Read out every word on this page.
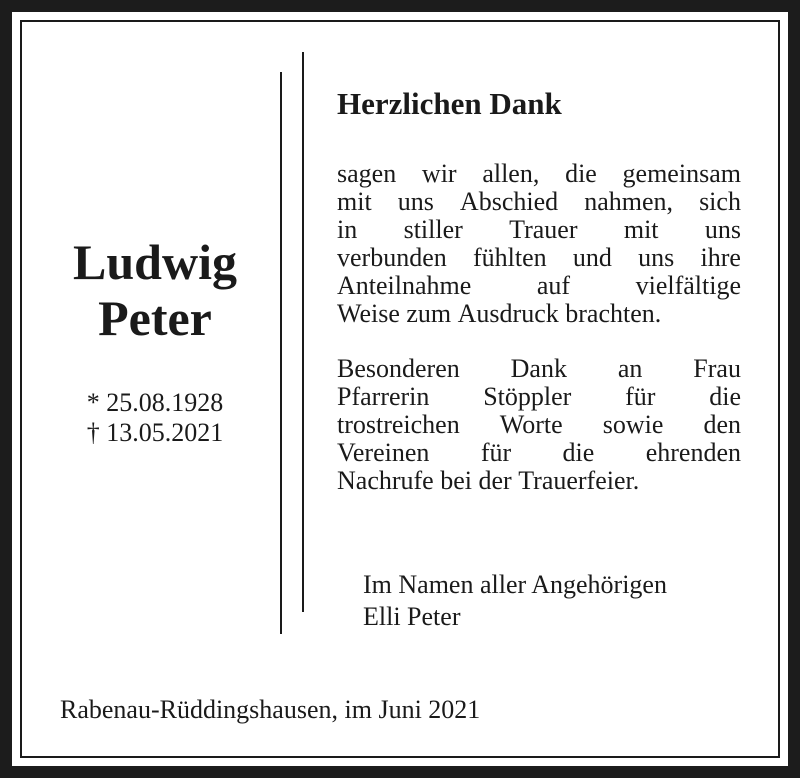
Ludwig
Peter
* 25.08.1928
† 13.05.2021
Herzlichen Dank
sagen wir allen, die gemeinsam
mit uns Abschied nahmen, sich
in stiller Trauer mit uns
verbunden fühlten und uns ihre
Anteilnahme	auf	vielfältige
Weise zum Ausdruck brachten.
Besonderen Dank an Frau
Pfarrerin Stöppler für die
trostreichen Worte sowie den
Vereinen für die ehrenden
Nachrufe bei der Trauerfeier.
Im Namen aller Angehörigen
Elli Peter
Rabenau-Rüddingshausen, im Juni 2021
